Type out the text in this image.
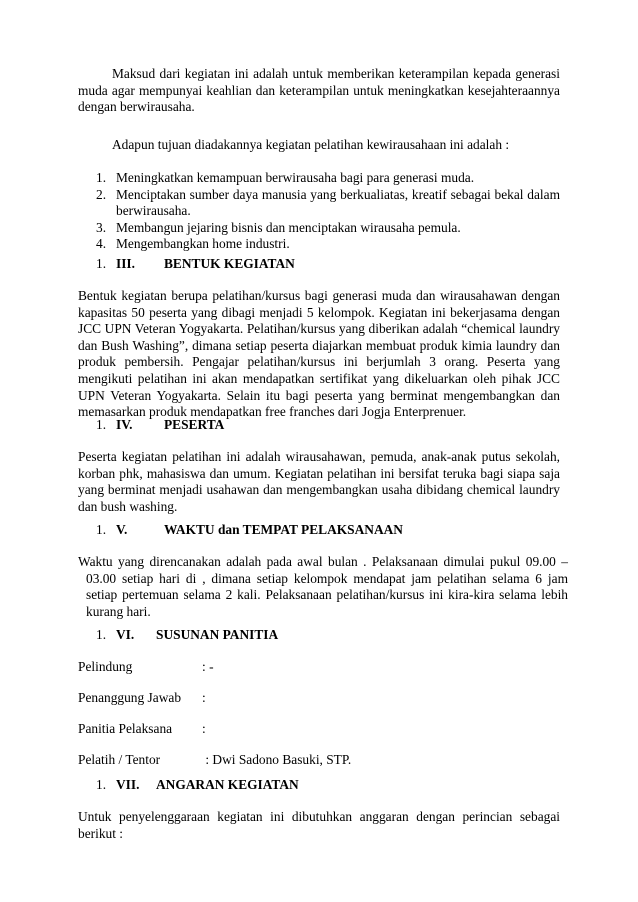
Maksud dari kegiatan ini adalah untuk memberikan keterampilan kepada generasi muda agar mempunyai keahlian dan keterampilan untuk meningkatkan kesejahteraannya dengan berwirausaha.

Adapun tujuan diadakannya kegiatan pelatihan kewirausahaan ini adalah :

1. Meningkatkan kemampuan berwirausaha bagi para generasi muda.
2. Menciptakan sumber daya manusia yang berkualiatas, kreatif sebagai bekal dalam berwirausaha.
3. Membangun jejaring bisnis dan menciptakan wirausaha pemula.
4. Mengembangkan home industri.
1. III. BENTUK KEGIATAN

Bentuk kegiatan berupa pelatihan/kursus bagi generasi muda dan wirausahawan dengan kapasitas 50 peserta yang dibagi menjadi 5 kelompok. Kegiatan ini bekerjasama dengan JCC UPN Veteran Yogyakarta. Pelatihan/kursus yang diberikan adalah “chemical laundry dan Bush Washing”, dimana setiap peserta diajarkan membuat produk kimia laundry dan produk pembersih. Pengajar pelatihan/kursus ini berjumlah 3 orang. Peserta yang mengikuti pelatihan ini akan mendapatkan sertifikat yang dikeluarkan oleh pihak JCC UPN Veteran Yogyakarta. Selain itu bagi peserta yang berminat mengembangkan dan memasarkan produk mendapatkan free franches dari Jogja Enterprenuer.

1. IV. PESERTA

Peserta kegiatan pelatihan ini adalah wirausahawan, pemuda, anak-anak putus sekolah, korban phk, mahasiswa dan umum. Kegiatan pelatihan ini bersifat teruka bagi siapa saja yang berminat menjadi usahawan dan mengembangkan usaha dibidang chemical laundry dan bush washing.

1. V.	WAKTU dan TEMPAT PELAKSANAAN

Waktu yang direncanakan adalah pada awal bulan . Pelaksanaan dimulai pukul 09.00 – 03.00 setiap hari di , dimana setiap kelompok mendapat jam pelatihan selama 6 jam setiap pertemuan selama 2 kali. Pelaksanaan pelatihan/kursus ini kira-kira selama lebih kurang hari.

1. VI. SUSUNAN PANITIA

Pelindung	: -

Penanggung Jawab :

Panitia Pelaksana :

Pelatih / Tentor	: Dwi Sadono Basuki, STP.

1. VII. ANGARAN KEGIATAN

Untuk penyelenggaraan kegiatan ini dibutuhkan anggaran dengan perincian sebagai berikut :
